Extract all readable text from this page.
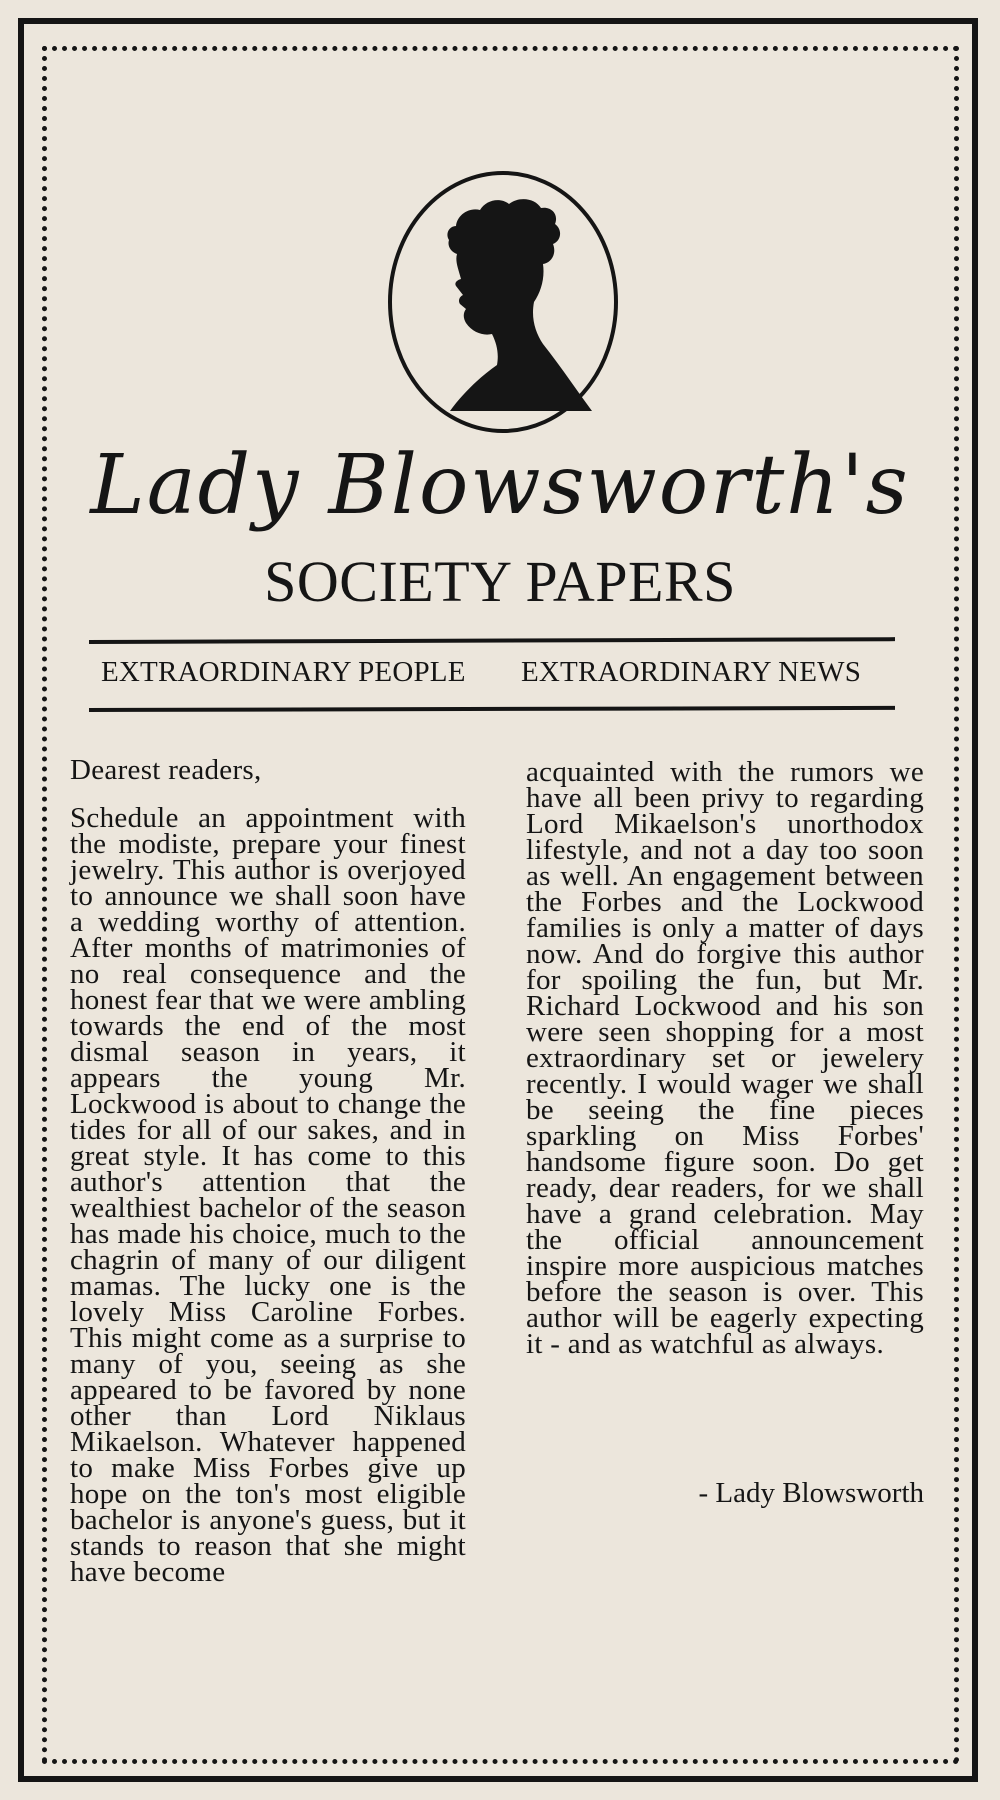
Lady Blowsworth's
SOCIETY PAPERS
EXTRAORDINARY PEOPLE EXTRAORDINARY NEWS

Dearest readers,

Schedule an appointment with the modiste, prepare your finest jewelry. This author is overjoyed to announce we shall soon have a wedding worthy of attention. After months of matrimonies of no real consequence and the honest fear that we were ambling towards the end of the most dismal season in years, it appears the young Mr. Lockwood is about to change the tides for all of our sakes, and in great style. It has come to this author's attention that the wealthiest bachelor of the season has made his choice, much to the chagrin of many of our diligent mamas. The lucky one is the lovely Miss Caroline Forbes. This might come as a surprise to many of you, seeing as she appeared to be favored by none other than Lord Niklaus Mikaelson. Whatever happened to make Miss Forbes give up hope on the ton's most eligible bachelor is anyone's guess, but it stands to reason that she might have become

acquainted with the rumors we have all been privy to regarding Lord Mikaelson's unorthodox lifestyle, and not a day too soon as well. An engagement between the Forbes and the Lockwood families is only a matter of days now. And do forgive this author for spoiling the fun, but Mr. Richard Lockwood and his son were seen shopping for a most extraordinary set or jewelery recently. I would wager we shall be seeing the fine pieces sparkling on Miss Forbes' handsome figure soon. Do get ready, dear readers, for we shall have a grand celebration. May the official announcement inspire more auspicious matches before the season is over. This author will be eagerly expecting it - and as watchful as always.

- Lady Blowsworth
